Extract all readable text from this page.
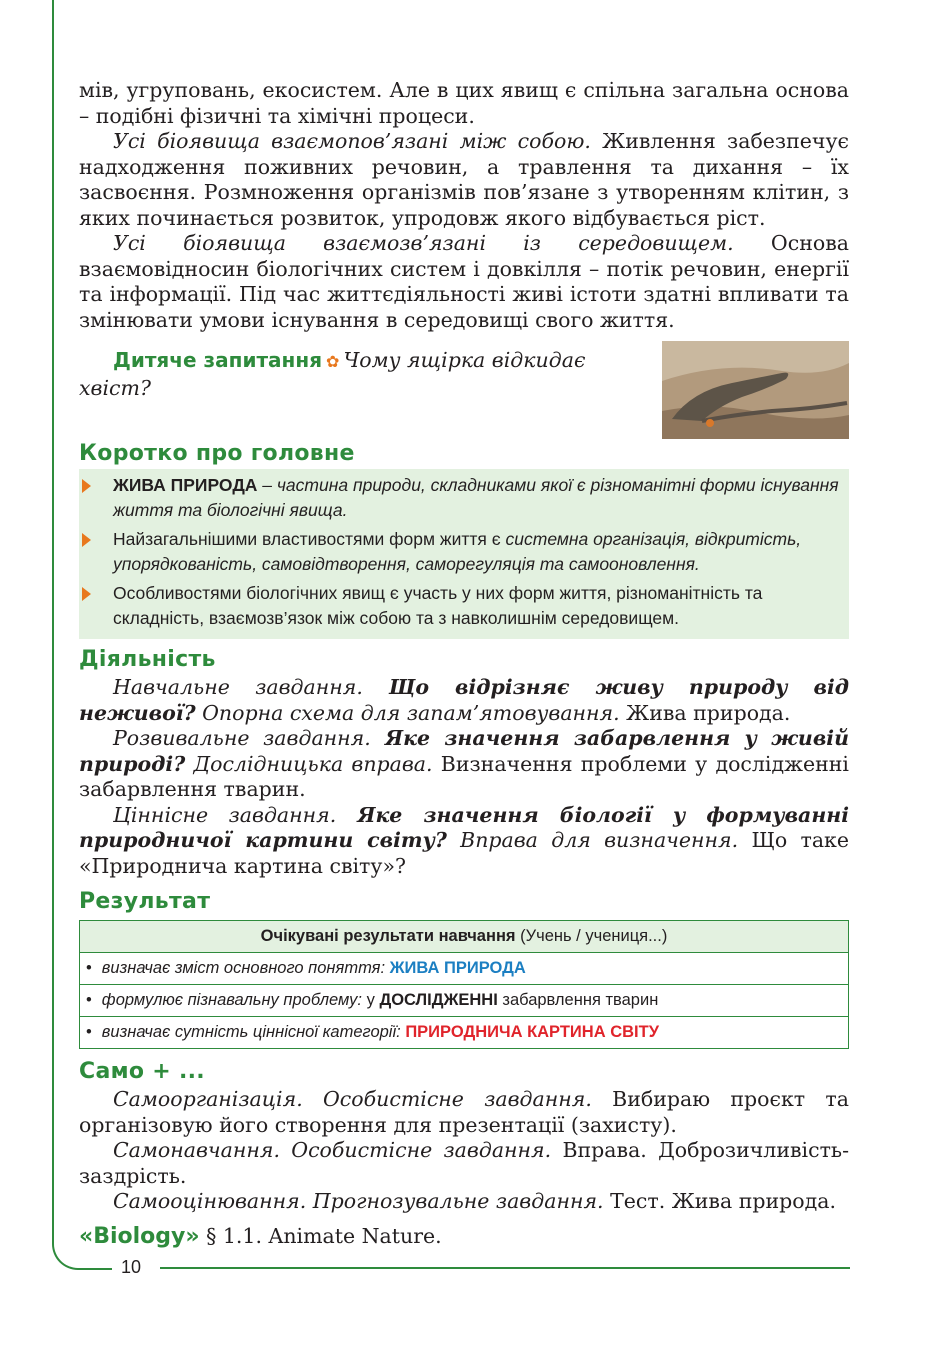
мів, угруповань, екосистем. Але в цих явищ є спільна загальна основа – подібні фізичні та хімічні процеси.

Усі біоявища взаємопов’язані між собою. Живлення забезпечує надходження поживних речовин, а травлення та дихання – їх засвоєння. Розмноження організмів пов’язане з утворенням клітин, з яких починається розвиток, упродовж якого відбувається ріст.

Усі біоявища взаємозв’язані із середовищем. Основа взаємовідносин біологічних систем і довкілля – потік речовин, енергії та інформації. Під час життєдіяльності живі істоти здатні впливати та змінювати умови існування в середовищі свого життя.

Дитяче запитання ✿ Чому ящірка відкидає хвіст?
Коротко про головне
ЖИВА ПРИРОДА – частина природи, складниками якої є різноманітні форми існування життя та біологічні явища.
Найзагальнішими властивостями форм життя є системна організація, відкритість, упорядкованість, самовідтворення, саморегуляція та самооновлення.
Особливостями біологічних явищ є участь у них форм життя, різноманітність та складність, взаємозв’язок між собою та з навколишнім середовищем.
Діяльність

Навчальне завдання. Що відрізняє живу природу від неживої? Опорна схема для запам’ятовування. Жива природа.

Розвивальне завдання. Яке значення забарвлення у живій природі? Дослідницька вправа. Визначення проблеми у дослідженні забарвлення тварин.

Ціннісне завдання. Яке значення біології у формуванні природничої картини світу? Вправа для визначення. Що таке «Природнича картина світу»?

Результат
Очікувані результати навчання (Учень / учениця...)
• визначає зміст основного поняття: ЖИВА ПРИРОДА
• формулює пізнавальну проблему: у ДОСЛІДЖЕННІ забарвлення тварин
• визначає сутність ціннісної категорії: ПРИРОДНИЧА КАРТИНА СВІТУ
Само + ...

Самоорганізація. Особистісне завдання. Вибираю проєкт та організовую його створення для презентації (захисту).

Самонавчання. Особистісне завдання. Вправа. Доброзичливість-заздрість.

Самооцінювання. Прогнозувальне завдання. Тест. Жива природа.

«Biology» § 1.1. Animate Nature.
10
